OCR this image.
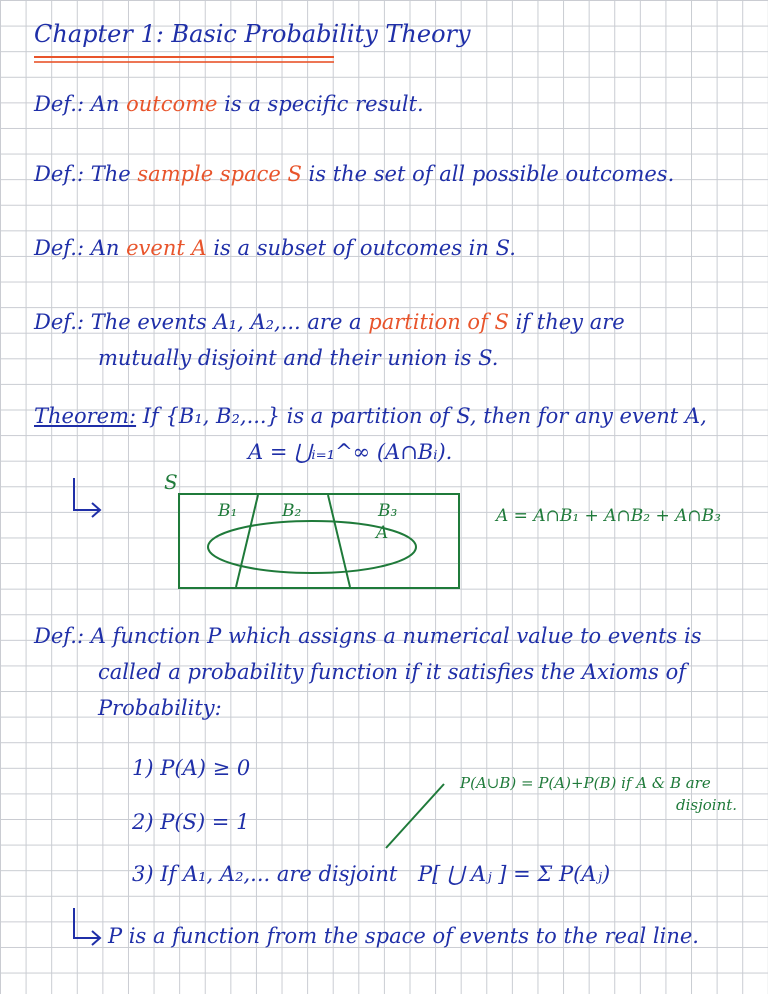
Chapter 1: Basic Probability Theory
Def.: An outcome is a specific result.
Def.: The sample space S is the set of all possible outcomes.
Def.: An event A is a subset of outcomes in S.
Def.: The events A₁, A₂,... are a partition of S if they are
mutually disjoint and their union is S.
Theorem: If {B₁, B₂,...} is a partition of S, then for any event A,
A = ⋃ᵢ₌₁^∞ (A∩Bᵢ).
S
B₁	B₂	B₃
A
A = A∩B₁ + A∩B₂ + A∩B₃
Def.: A function P which assigns a numerical value to events is
called a probability function if it satisfies the Axioms of
Probability:
1) P(A) ≥ 0
2) P(S) = 1
3) If A₁, A₂,... are disjoint P[ ⋃ Aⱼ ] = Σ P(Aⱼ)
P(A∪B) = P(A)+P(B) if A & B are
disjoint.
P is a function from the space of events to the real line.
